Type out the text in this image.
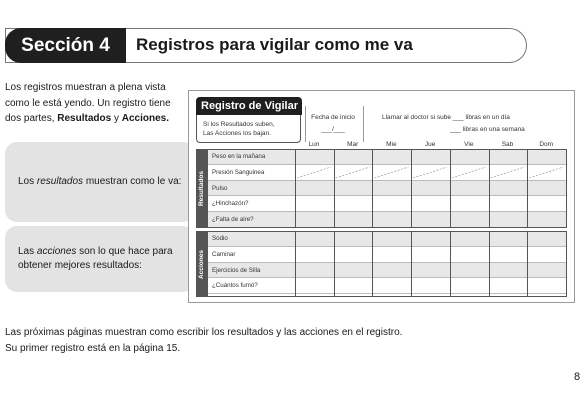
Sección 4	Registros para vigilar como me va
Los registros muestran a plena vista
como le está yendo. Un registro tiene
dos partes, Resultados y Acciones.
Los resultados muestran como le va:
Las acciones son lo que hace para
obtener mejores resultados:
Registro de Vigilar
Si los Resultados suben,
Las Acciones los bajan.
Fecha de inicio
___/___
Llamar al doctor si sube ___ libras en un día
___ libras en una semana
Lun	Mar	Mie	Jue	Vie	Sab	Dom
Resultados
Peso en la mañana
Presión Sanguinea
Pulso
¿Hinchazón?
¿Falta de aire?
Acciones
Sodio
Caminar
Ejercicios de Silla
¿Cuántos fumó?
Las próximas páginas muestran como escribir los resultados y las acciones en el registro.
Su primer registro está en la página 15.
8
